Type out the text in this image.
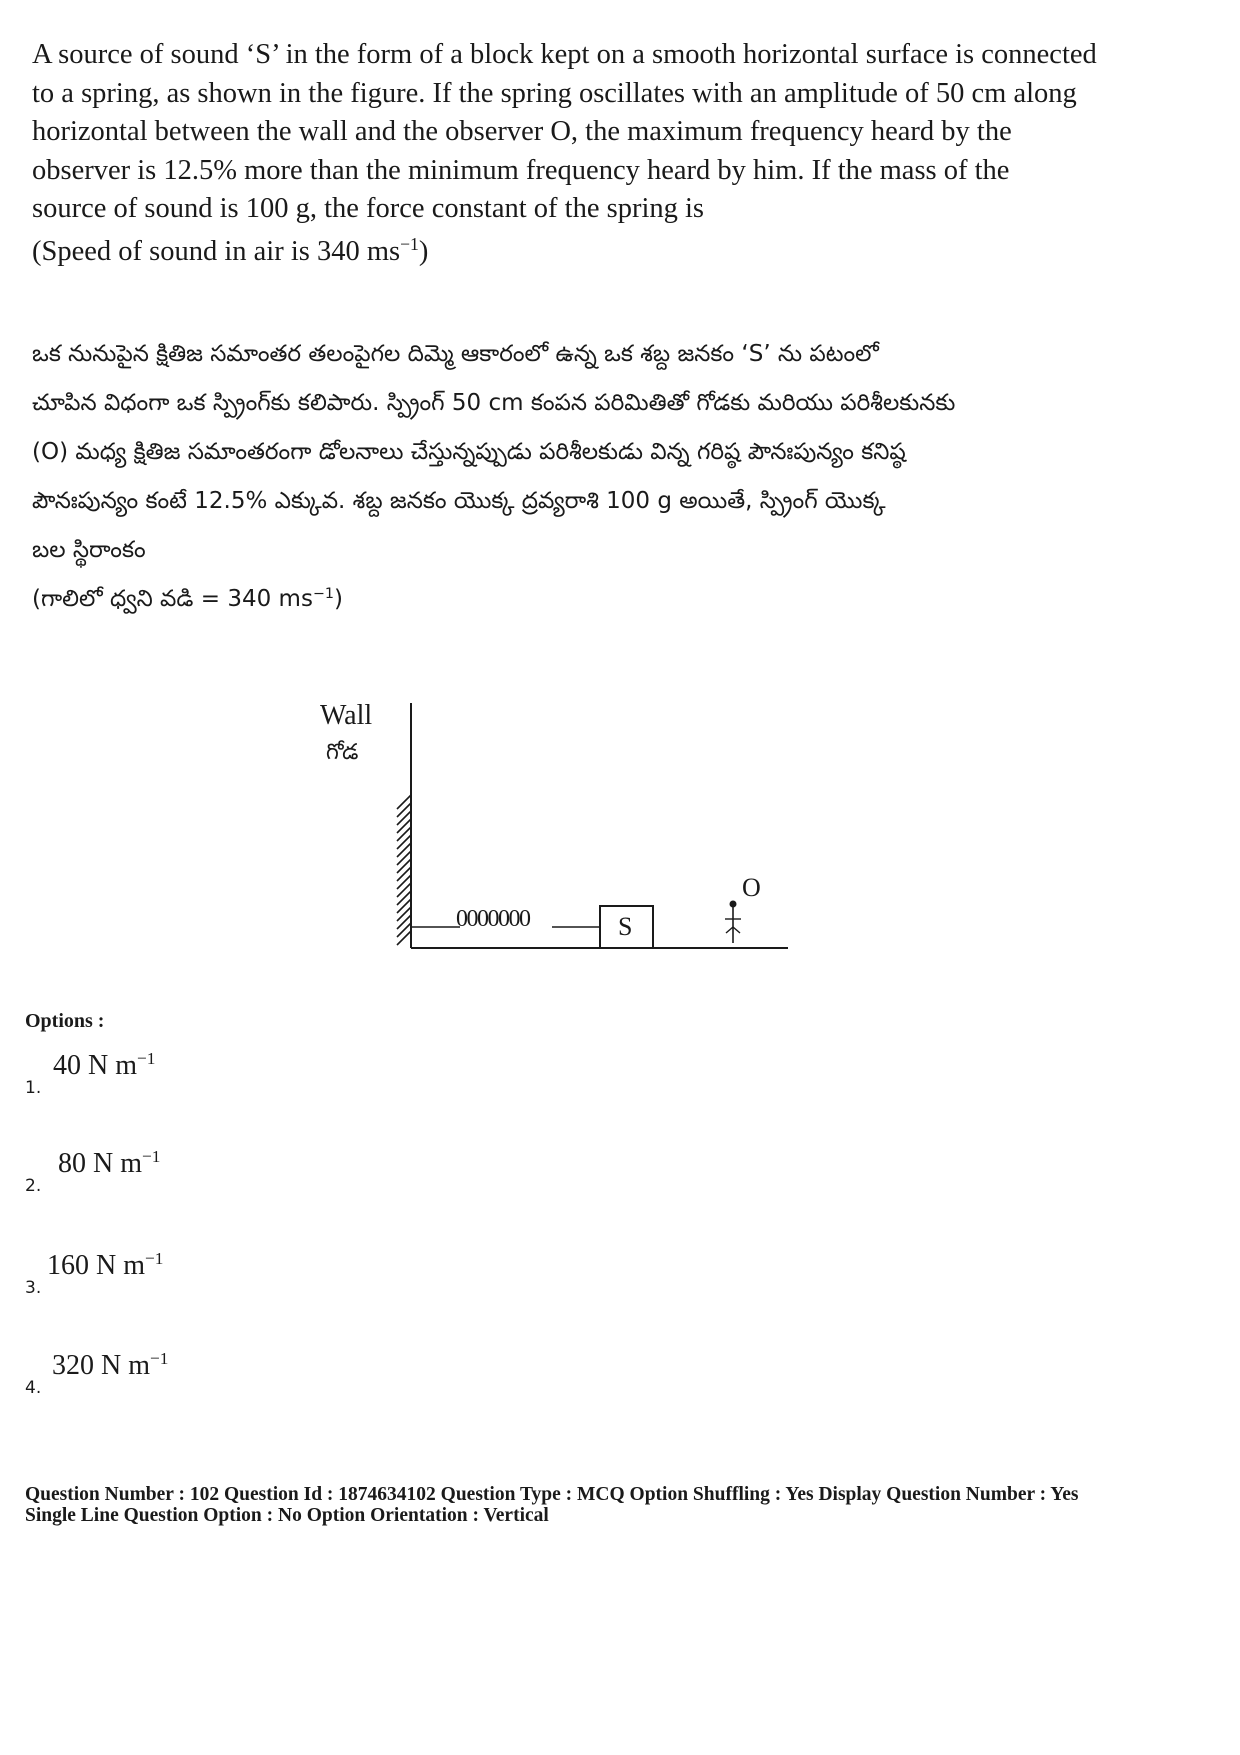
A source of sound ‘S’ in the form of a block kept on a smooth horizontal surface is connected

to a spring, as shown in the figure. If the spring oscillates with an amplitude of 50 cm along

horizontal between the wall and the observer O, the maximum frequency heard by the

observer is 12.5% more than the minimum frequency heard by him. If the mass of the

source of sound is 100 g, the force constant of the spring is

(Speed of sound in air is 340 $ms^{-1}$)

ఒక నునుపైన క్షితిజ సమాంతర తలంపైగల దిమ్మె ఆకారంలో ఉన్న ఒక శబ్ద జనకం ‘S’ ను పటంలో

చూపిన విధంగా ఒక స్ప్రింగ్‌కు కలిపారు. స్ప్రింగ్ 50 cm కంపన పరిమితితో గోడకు మరియు పరిశీలకునకు

(O) మధ్య క్షితిజ సమాంతరంగా డోలనాలు చేస్తున్నప్పుడు పరిశీలకుడు విన్న గరిష్ఠ పౌనఃపున్యం కనిష్ఠ

పౌనఃపున్యం కంటే 12.5% ఎక్కువ. శబ్ద జనకం యొక్క ద్రవ్యరాశి 100 g అయితే, స్ప్రింగ్ యొక్క

బల స్థిరాంకం

(గాలిలో ధ్వని వడి = 340 $ms^{-1}$)

Wall
గోడ
0000000	S
O
Options :
1.
40 N $m^{-1}$
2.
80 N $m^{-1}$
3.
160 N $m^{-1}$
4.
320 N $m^{-1}$
Question Number : 102 Question Id : 1874634102 Question Type : MCQ Option Shuffling : Yes Display Question Number : Yes
Single Line Question Option : No Option Orientation : Vertical
